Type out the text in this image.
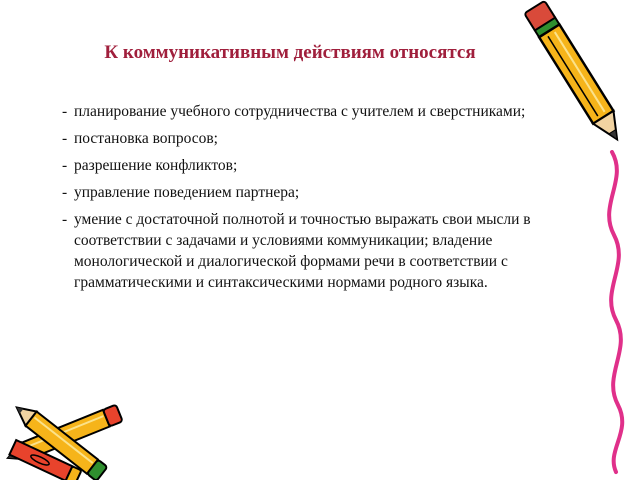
К коммуникативным действиям относятся
- планирование учебного сотрудничества с учителем и сверстниками;
- постановка вопросов;
- разрешение конфликтов;
- управление поведением партнера;
- умение с достаточной полнотой и точностью выражать свои мысли в соответствии с задачами и условиями коммуникации; владение монологической и диалогической формами речи в соответствии с грамматическими и синтаксическими нормами родного языка.
